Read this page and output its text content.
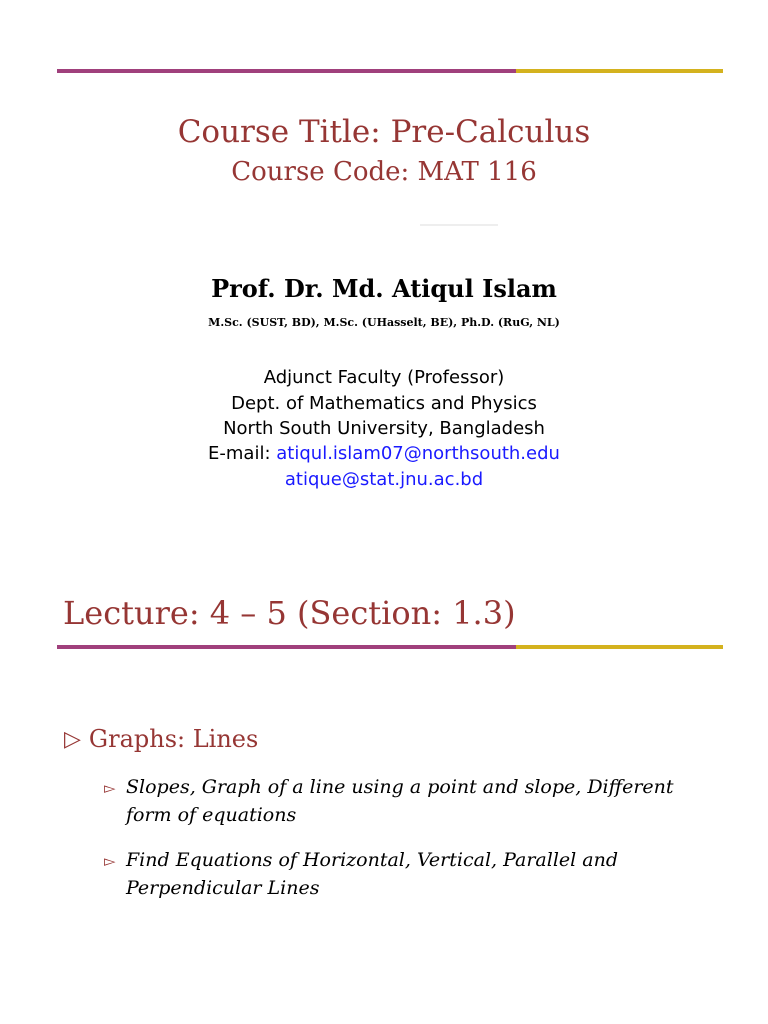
Course Title: Pre-Calculus
Course Code: MAT 116
Prof. Dr. Md. Atiqul Islam
M.Sc. (SUST, BD), M.Sc. (UHasselt, BE), Ph.D. (RuG, NL)
Adjunct Faculty (Professor)
Dept. of Mathematics and Physics
North South University, Bangladesh
E-mail: atiqul.islam07@northsouth.edu
atique@stat.jnu.ac.bd
Lecture: 4 – 5 (Section: 1.3)
▷ Graphs: Lines
▻ Slopes, Graph of a line using a point and slope, Different form of equations
▻ Find Equations of Horizontal, Vertical, Parallel and Perpendicular Lines
